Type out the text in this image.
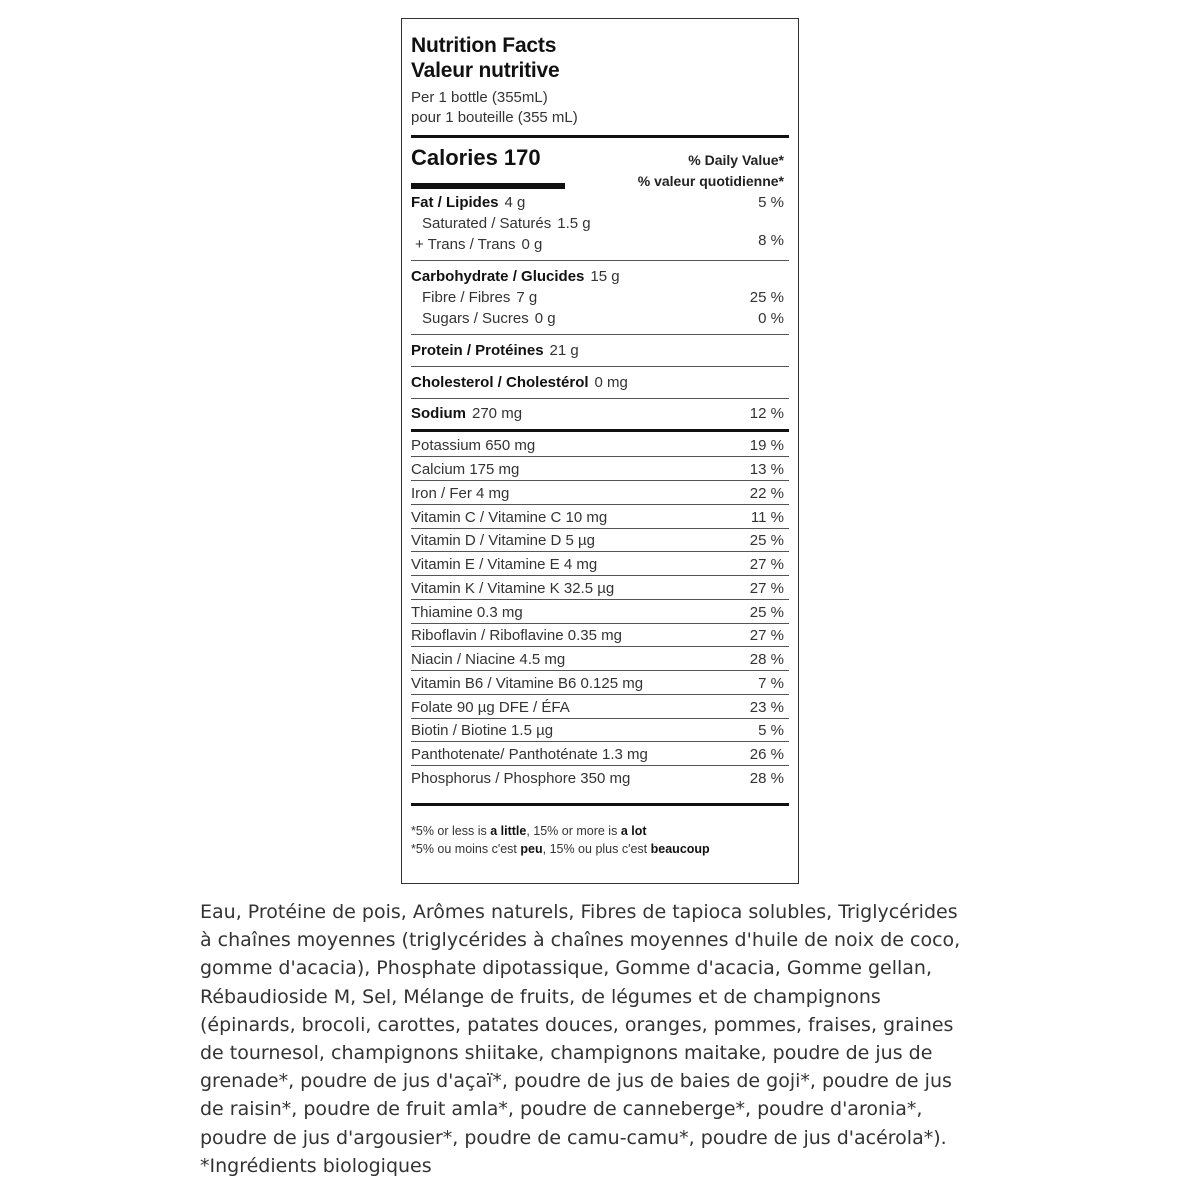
Nutrition Facts
Valeur nutritive
Per 1 bottle (355mL)
pour 1 bouteille (355 mL)
Calories 170	% Daily Value*
% valeur quotidienne*
Fat / Lipides 4 g	5 %
Saturated / Saturés 1.5 g
+ Trans / Trans 0 g	8 %
Carbohydrate / Glucides 15 g
Fibre / Fibres 7 g	25 %
Sugars / Sucres 0 g	0 %
Protein / Protéines 21 g
Cholesterol / Cholestérol 0 mg
Sodium 270 mg	12 %
Potassium 650 mg	19 %
Calcium 175 mg	13 %
Iron / Fer 4 mg	22 %
Vitamin C / Vitamine C 10 mg	11 %
Vitamin D / Vitamine D 5 µg	25 %
Vitamin E / Vitamine E 4 mg	27 %
Vitamin K / Vitamine K 32.5 µg	27 %
Thiamine 0.3 mg	25 %
Riboflavin / Riboflavine 0.35 mg	27 %
Niacin / Niacine 4.5 mg	28 %
Vitamin B6 / Vitamine B6 0.125 mg	7 %
Folate 90 µg DFE / ÉFA	23 %
Biotin / Biotine 1.5 µg	5 %
Panthotenate/ Panthoténate 1.3 mg	26 %
Phosphorus / Phosphore 350 mg	28 %
*5% or less is a little, 15% or more is a lot
*5% ou moins c'est peu, 15% ou plus c'est beaucoup
Eau, Protéine de pois, Arômes naturels, Fibres de tapioca solubles, Triglycérides
à chaînes moyennes (triglycérides à chaînes moyennes d'huile de noix de coco,
gomme d'acacia), Phosphate dipotassique, Gomme d'acacia, Gomme gellan,
Rébaudioside M, Sel, Mélange de fruits, de légumes et de champignons
(épinards, brocoli, carottes, patates douces, oranges, pommes, fraises, graines
de tournesol, champignons shiitake, champignons maitake, poudre de jus de
grenade*, poudre de jus d'açaï*, poudre de jus de baies de goji*, poudre de jus
de raisin*, poudre de fruit amla*, poudre de canneberge*, poudre d'aronia*,
poudre de jus d'argousier*, poudre de camu-camu*, poudre de jus d'acérola*).
*Ingrédients biologiques
